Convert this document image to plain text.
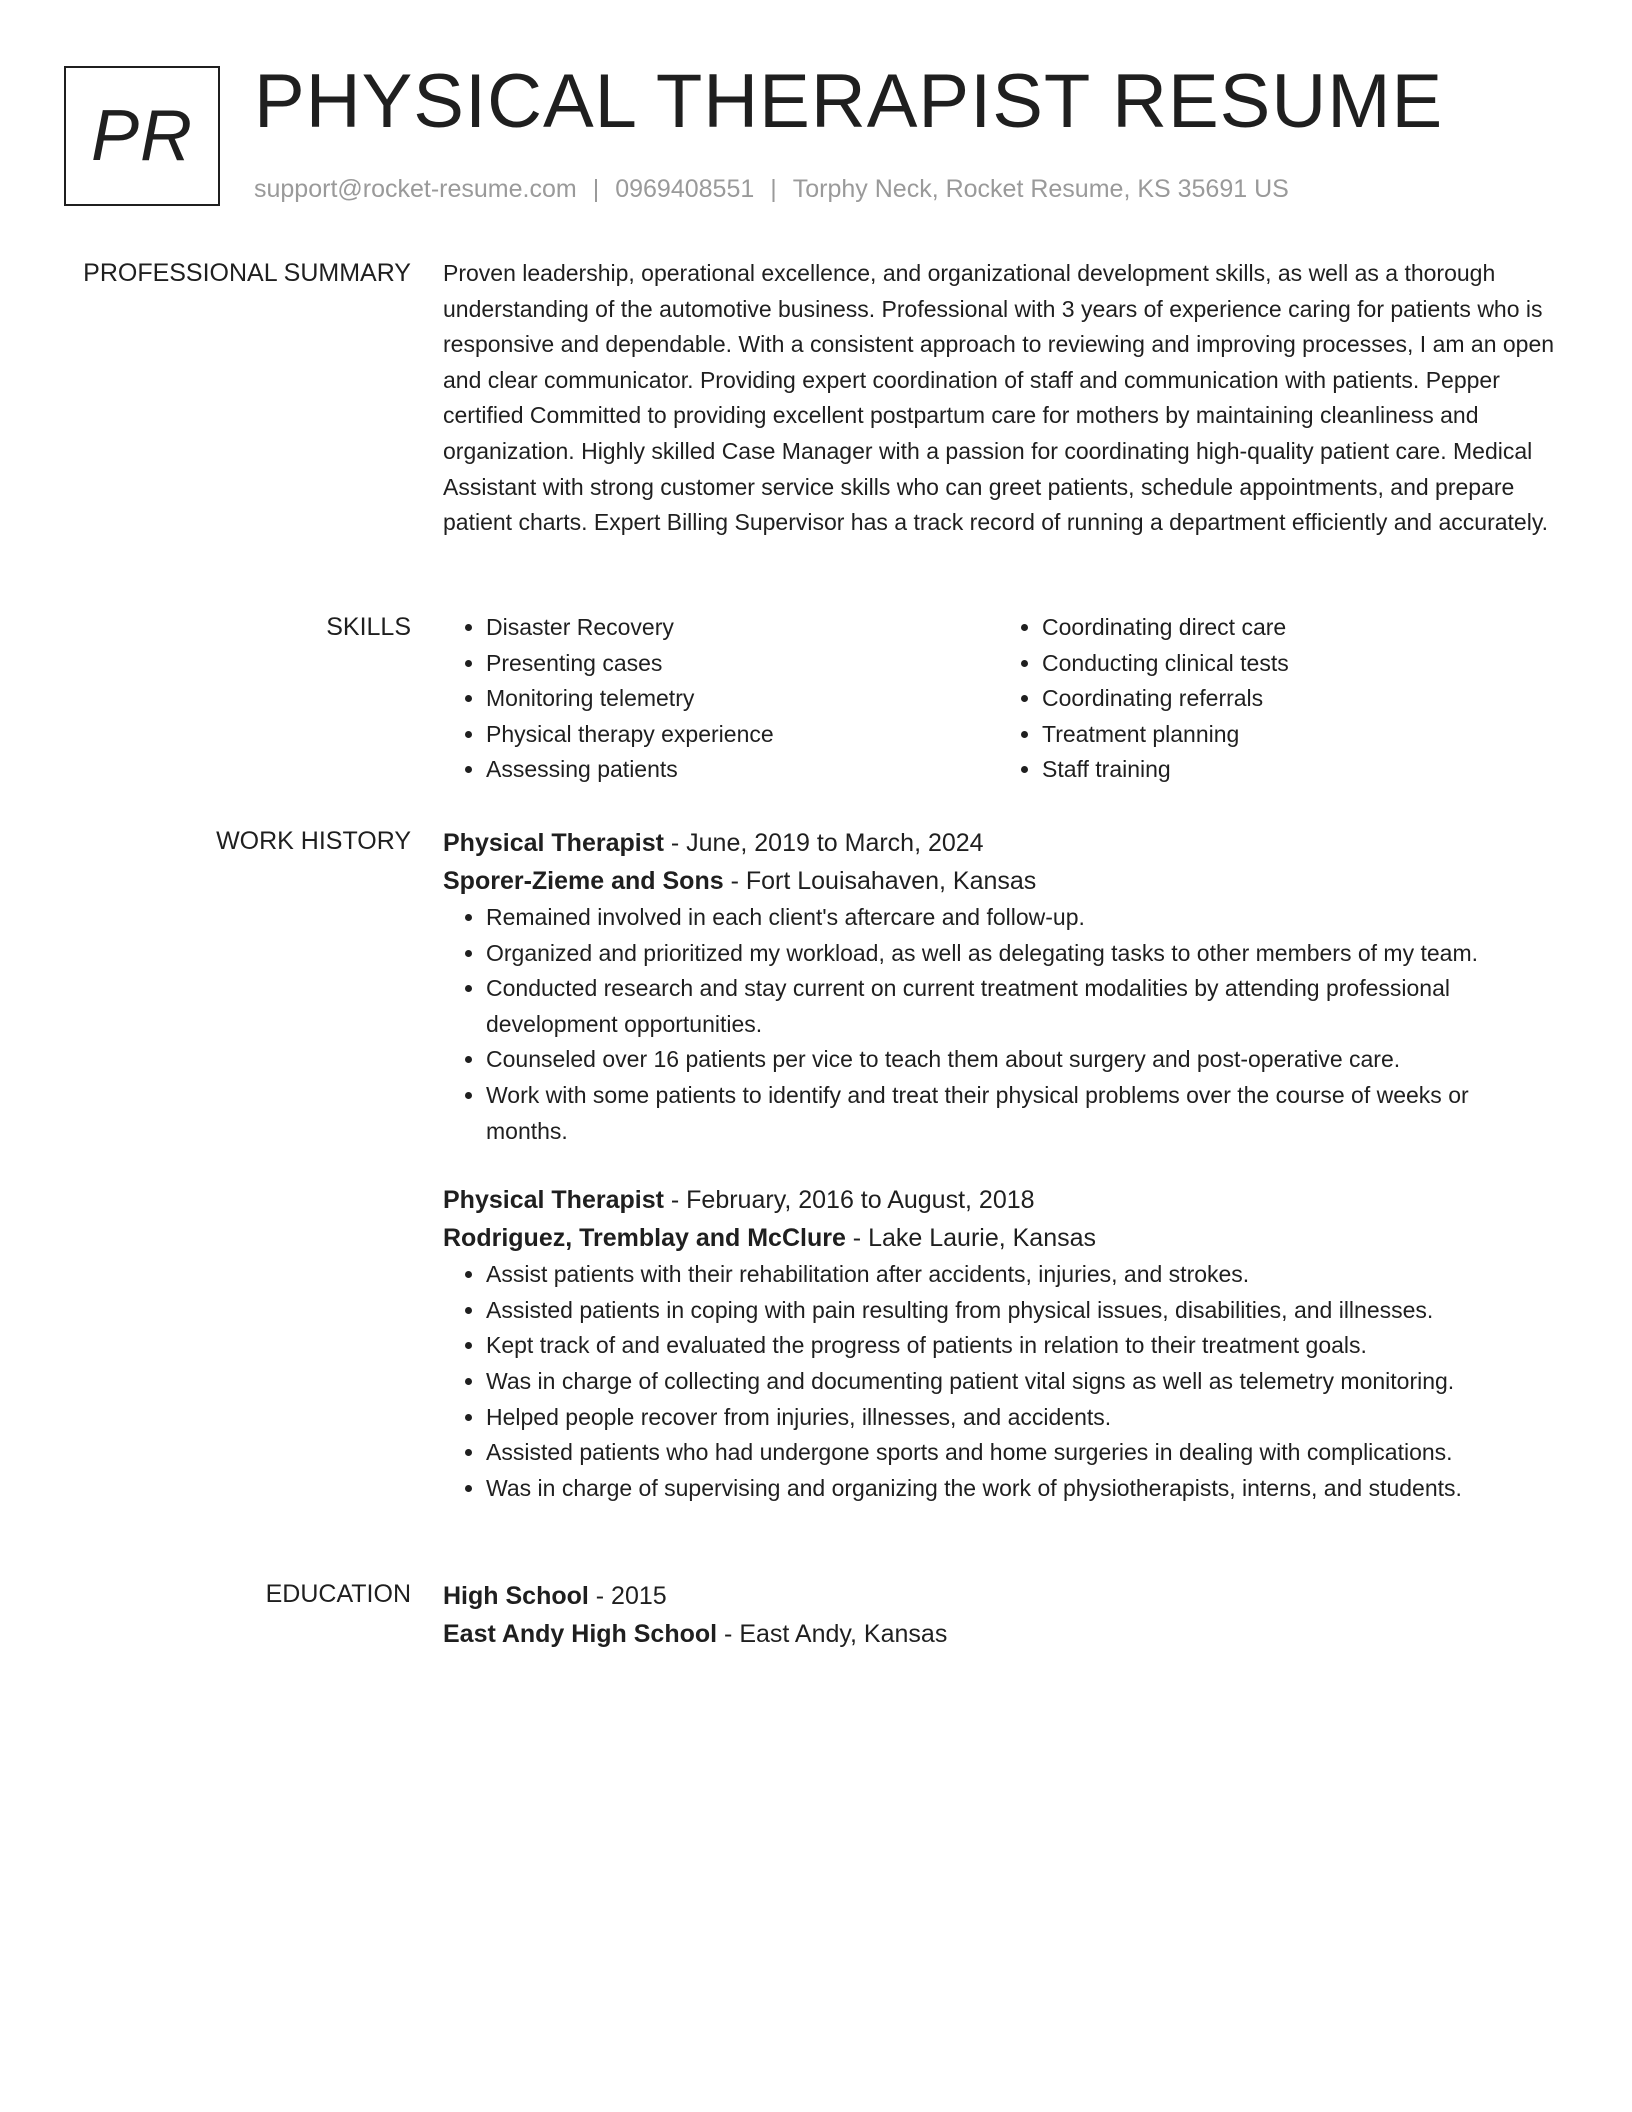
PR PHYSICAL THERAPIST RESUME
support@rocket-resume.com | 0969408551 | Torphy Neck, Rocket Resume, KS 35691 US
PROFESSIONAL SUMMARY Proven leadership, operational excellence, and organizational development skills, as well as a thorough understanding of the automotive business. Professional with 3 years of experience caring for patients who is responsive and dependable. With a consistent approach to reviewing and improving processes, I am an open and clear communicator. Providing expert coordination of staff and communication with patients. Pepper certified Committed to providing excellent postpartum care for mothers by maintaining cleanliness and organization. Highly skilled Case Manager with a passion for coordinating high-quality patient care. Medical Assistant with strong customer service skills who can greet patients, schedule appointments, and prepare patient charts. Expert Billing Supervisor has a track record of running a department efficiently and accurately.

SKILLS
•	Disaster Recovery
• Presenting cases
• Monitoring telemetry
• Physical therapy experience
• Assessing patients
• Coordinating direct care
• Conducting clinical tests
• Coordinating referrals
• Treatment planning
• Staff training
WORK HISTORY Physical Therapist - June, 2019 to March, 2024
Sporer-Zieme and Sons - Fort Louisahaven, Kansas
• Remained involved in each client's aftercare and follow-up.
• Organized and prioritized my workload, as well as delegating tasks to other members of my team.
• Conducted research and stay current on current treatment modalities by attending professional development opportunities.
• Counseled over 16 patients per vice to teach them about surgery and post-operative care.
• Work with some patients to identify and treat their physical problems over the course of weeks or months.
Physical Therapist - February, 2016 to August, 2018
Rodriguez, Tremblay and McClure - Lake Laurie, Kansas
• Assist patients with their rehabilitation after accidents, injuries, and strokes.
• Assisted patients in coping with pain resulting from physical issues, disabilities, and illnesses.
• Kept track of and evaluated the progress of patients in relation to their treatment goals.
• Was in charge of collecting and documenting patient vital signs as well as telemetry monitoring.
• Helped people recover from injuries, illnesses, and accidents.
• Assisted patients who had undergone sports and home surgeries in dealing with complications.
• Was in charge of supervising and organizing the work of physiotherapists, interns, and students.
EDUCATION High School - 2015
East Andy High School - East Andy, Kansas
